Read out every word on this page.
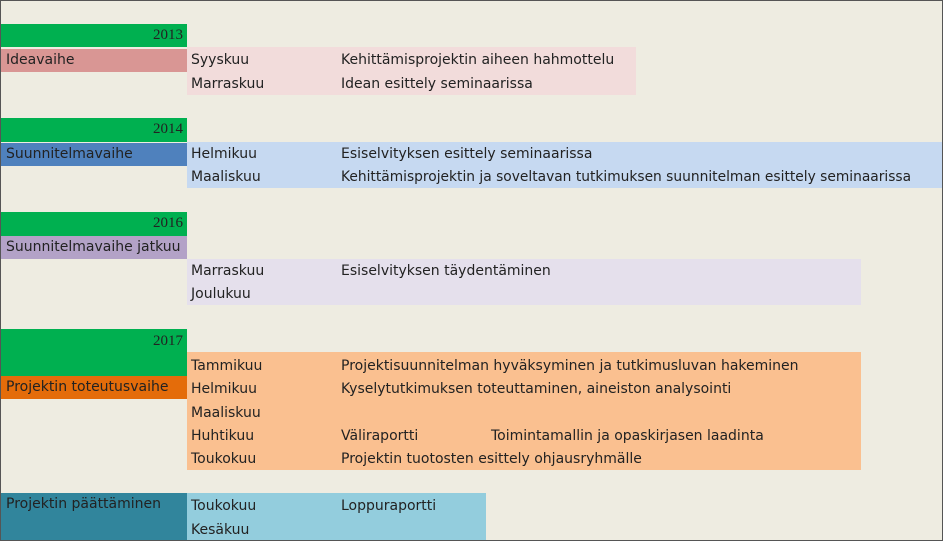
2013
Ideavaihe	Syyskuu	Kehittämisprojektin aiheen hahmottelu
Marraskuu	Idean esittely seminaarissa
2014
Suunnitelmavaihe	Helmikuu	Esiselvityksen esittely seminaarissa
Maaliskuu	Kehittämisprojektin ja soveltavan tutkimuksen suunnitelman esittely seminaarissa
2016
Suunnitelmavaihe jatkuu
Marraskuu	Esiselvityksen täydentäminen
Joulukuu
2017
Projektin toteutusvaihe
Tammikuu	Projektisuunnitelman hyväksyminen ja tutkimusluvan hakeminen
Helmikuu	Kyselytutkimuksen toteuttaminen, aineiston analysointi
Maaliskuu
Huhtikuu	Väliraportti	Toimintamallin ja opaskirjasen laadinta
Toukokuu	Projektin tuotosten esittely ohjausryhmälle
Projektin päättäminen	Toukokuu	Loppuraportti
Kesäkuu
